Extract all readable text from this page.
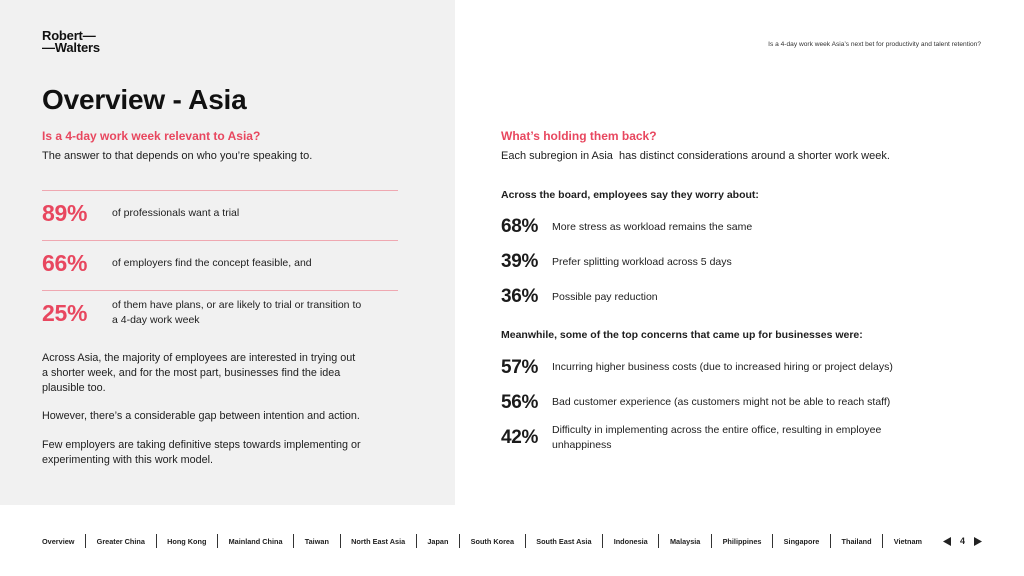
Robert—
—Walters	Is a 4-day work week Asia’s next bet for productivity and talent retention?
Overview - Asia
Is a 4-day work week relevant to Asia?
The answer to that depends on who you’re speaking to.
89%	of professionals want a trial
66%	of employers find the concept feasible, and
25%	of them have plans, or are likely to trial or transition to
a 4-day work week
Across Asia, the majority of employees are interested in trying out
a shorter week, and for the most part, businesses find the idea
plausible too.
However, there’s a considerable gap between intention and action.
Few employers are taking definitive steps towards implementing or
experimenting with this work model.
What’s holding them back?
Each subregion in Asia  has distinct considerations around a shorter work week.
Across the board, employees say they worry about:
68%	More stress as workload remains the same
39%	Prefer splitting workload across 5 days
36%	Possible pay reduction
Meanwhile, some of the top concerns that came up for businesses were:
57%	Incurring higher business costs (due to increased hiring or project delays)
56%	Bad customer experience (as customers might not be able to reach staff)
42%	Difficulty in implementing across the entire office, resulting in employee
unhappiness
Overview	Greater China	Hong Kong	Mainland China	Taiwan	North East Asia	Japan	South Korea	South East Asia	Indonesia	Malaysia	Philippines	Singapore	Thailand	Vietnam	4
